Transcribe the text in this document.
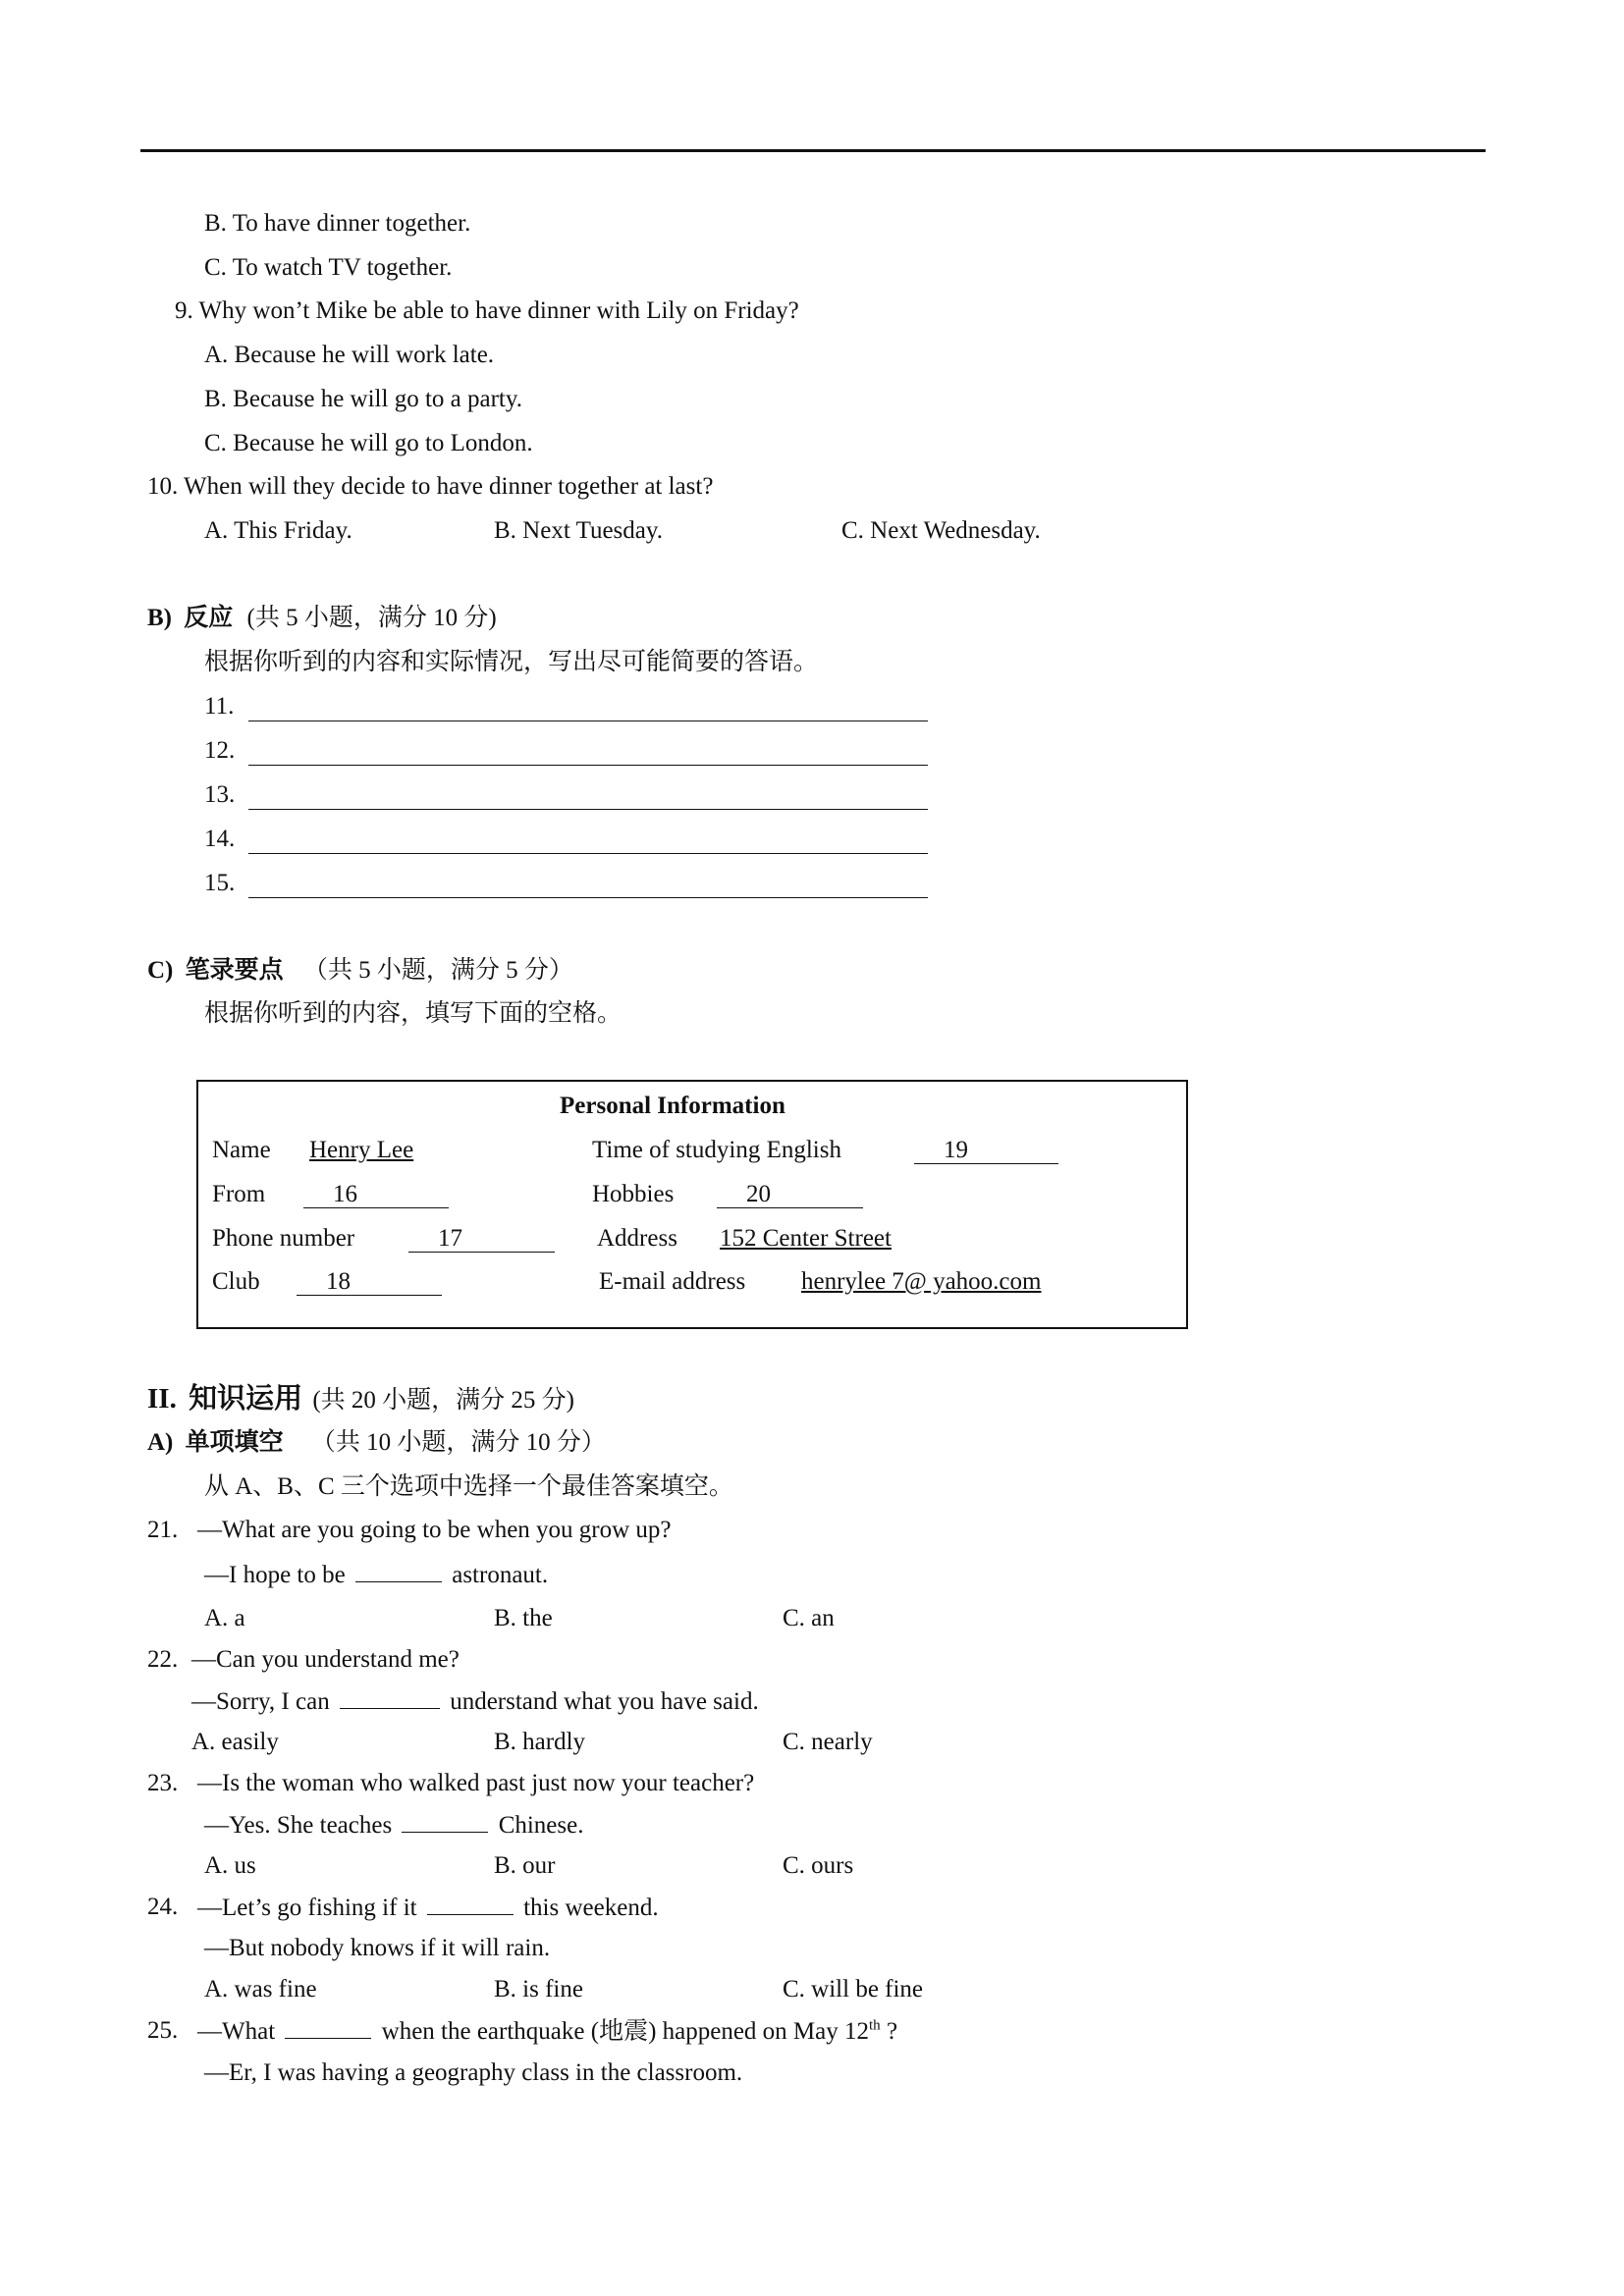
B. To have dinner together.
C. To watch TV together.
9. Why won’t Mike be able to have dinner with Lily on Friday?
A. Because he will work late.
B. Because he will go to a party.
C. Because he will go to London.
10. When will they decide to have dinner together at last?
A. This Friday.	B. Next Tuesday.	C. Next Wednesday.
B) 反应 (共 5 小题，满分 10 分)
根据你听到的内容和实际情况，写出尽可能简要的答语。
11.
12.
13.
14.
15.
C) 笔录要点 （共 5 小题，满分 5 分）
根据你听到的内容，填写下面的空格。
Personal Information
Name Henry Lee	Time of studying English	19
From	16	Hobbies	20
Phone number	17	Address 152 Center Street
Club	18	E-mail address henrylee 7@ yahoo.com
II. 知识运用 (共 20 小题，满分 25 分)
A) 单项填空 （共 10 小题，满分 10 分）
从 A、B、C 三个选项中选择一个最佳答案填空。
21. —What are you going to be when you grow up?
—I hope to be	astronaut.
A. a	B. the	C. an
22. —Can you understand me?
—Sorry, I can	understand what you have said.
A. easily	B. hardly	C. nearly
23. —Is the woman who walked past just now your teacher?
—Yes. She teaches	Chinese.
A. us	B. our	C. ours
24. —Let’s go fishing if it	this weekend.
—But nobody knows if it will rain.
A. was fine	B. is fine	C. will be fine
25. —What	when the earthquake (地震) happened on May 12th ?
—Er, I was having a geography class in the classroom.
